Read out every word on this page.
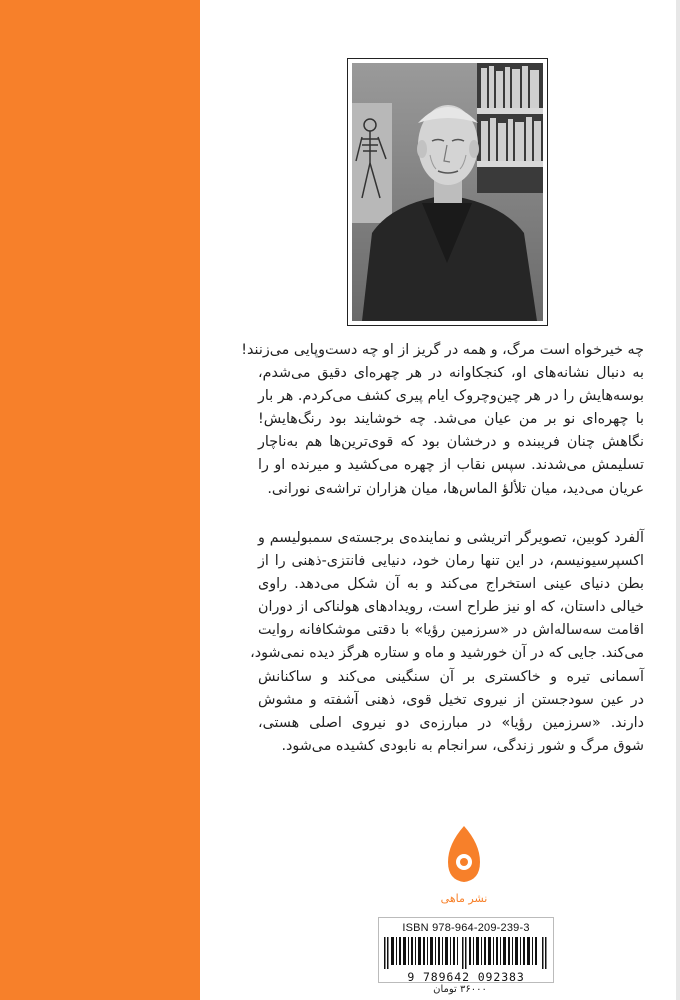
چه خیرخواه است مرگ، و همه در گریز از او چه دست‌وپایی می‌زنند!
به دنبال نشانه‌های او، کنجکاوانه در هر چهره‌ای دقیق می‌شدم،
بوسه‌هایش را در هر چین‌وچروک ایام پیری کشف می‌کردم. هر بار
با چهره‌ای نو بر من عیان می‌شد. چه خوشایند بود رنگ‌هایش!
نگاهش چنان فریبنده و درخشان بود که قوی‌ترین‌ها هم به‌ناچار
تسلیمش می‌شدند. سپس نقاب از چهره می‌کشید و میرنده او را
عریان می‌دید، میان تلألؤ الماس‌ها، میان هزاران تراشه‌ی نورانی.
آلفرد کوبین، تصویرگر اتریشی و نماینده‌ی برجسته‌ی سمبولیسم و
اکسپرسیونیسم، در این تنها رمان خود، دنیایی فانتزی-ذهنی را از
بطن دنیای عینی استخراج می‌کند و به آن شکل می‌دهد. راوی
خیالی داستان، که او نیز طراح است، رویدادهای هولناکی از دوران
اقامت سه‌ساله‌اش در «سرزمین رؤیا» با دقتی موشکافانه روایت
می‌کند. جایی که در آن خورشید و ماه و ستاره هرگز دیده نمی‌شود،
آسمانی تیره و خاکستری بر آن سنگینی می‌کند و ساکنانش
در عین سودجستن از نیروی تخیل قوی، ذهنی آشفته و مشوش
دارند. «سرزمین رؤیا» در مبارزه‌ی دو نیروی اصلی هستی،
شوق مرگ و شور زندگی، سرانجام به نابودی کشیده می‌شود.
نشر ماهی
ISBN 978-964-209-239-3
9 789642 092383
۳۶۰۰۰ تومان
